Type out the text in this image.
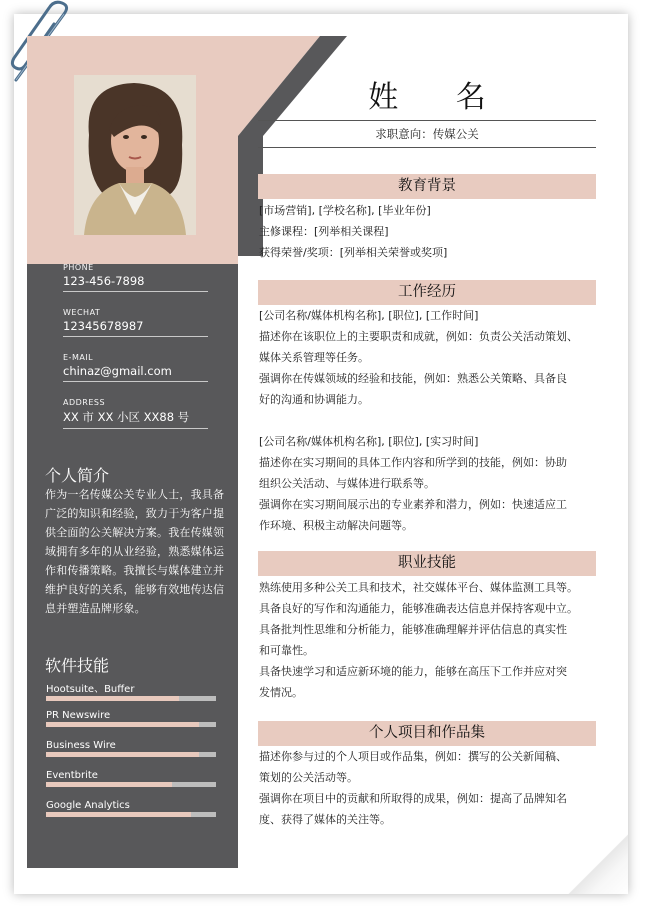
PHONE
123-456-7898
WECHAT
12345678987
E-MAIL
chinaz@gmail.com
ADDRESS
XX 市 XX 小区 XX88 号
个人简介
作为一名传媒公关专业人士，我具备
广泛的知识和经验，致力于为客户提
供全面的公关解决方案。我在传媒领
域拥有多年的从业经验，熟悉媒体运
作和传播策略。我擅长与媒体建立并
维护良好的关系，能够有效地传达信
息并塑造品牌形象。
软件技能
Hootsuite、Buffer
PR Newswire
Business Wire
Eventbrite
Google Analytics
姓 名
求职意向：传媒公关
教育背景
[市场营销], [学校名称], [毕业年份]
主修课程：[列举相关课程]
获得荣誉/奖项：[列举相关荣誉或奖项]
工作经历
[公司名称/媒体机构名称], [职位], [工作时间]
描述你在该职位上的主要职责和成就，例如：负责公关活动策划、
媒体关系管理等任务。
强调你在传媒领域的经验和技能，例如：熟悉公关策略、具备良
好的沟通和协调能力。
[公司名称/媒体机构名称], [职位], [实习时间]
描述你在实习期间的具体工作内容和所学到的技能，例如：协助
组织公关活动、与媒体进行联系等。
强调你在实习期间展示出的专业素养和潜力，例如：快速适应工
作环境、积极主动解决问题等。
职业技能
熟练使用多种公关工具和技术，社交媒体平台、媒体监测工具等。
具备良好的写作和沟通能力，能够准确表达信息并保持客观中立。
具备批判性思维和分析能力，能够准确理解并评估信息的真实性
和可靠性。
具备快速学习和适应新环境的能力，能够在高压下工作并应对突
发情况。
个人项目和作品集
描述你参与过的个人项目或作品集，例如：撰写的公关新闻稿、
策划的公关活动等。
强调你在项目中的贡献和所取得的成果，例如：提高了品牌知名
度、获得了媒体的关注等。
